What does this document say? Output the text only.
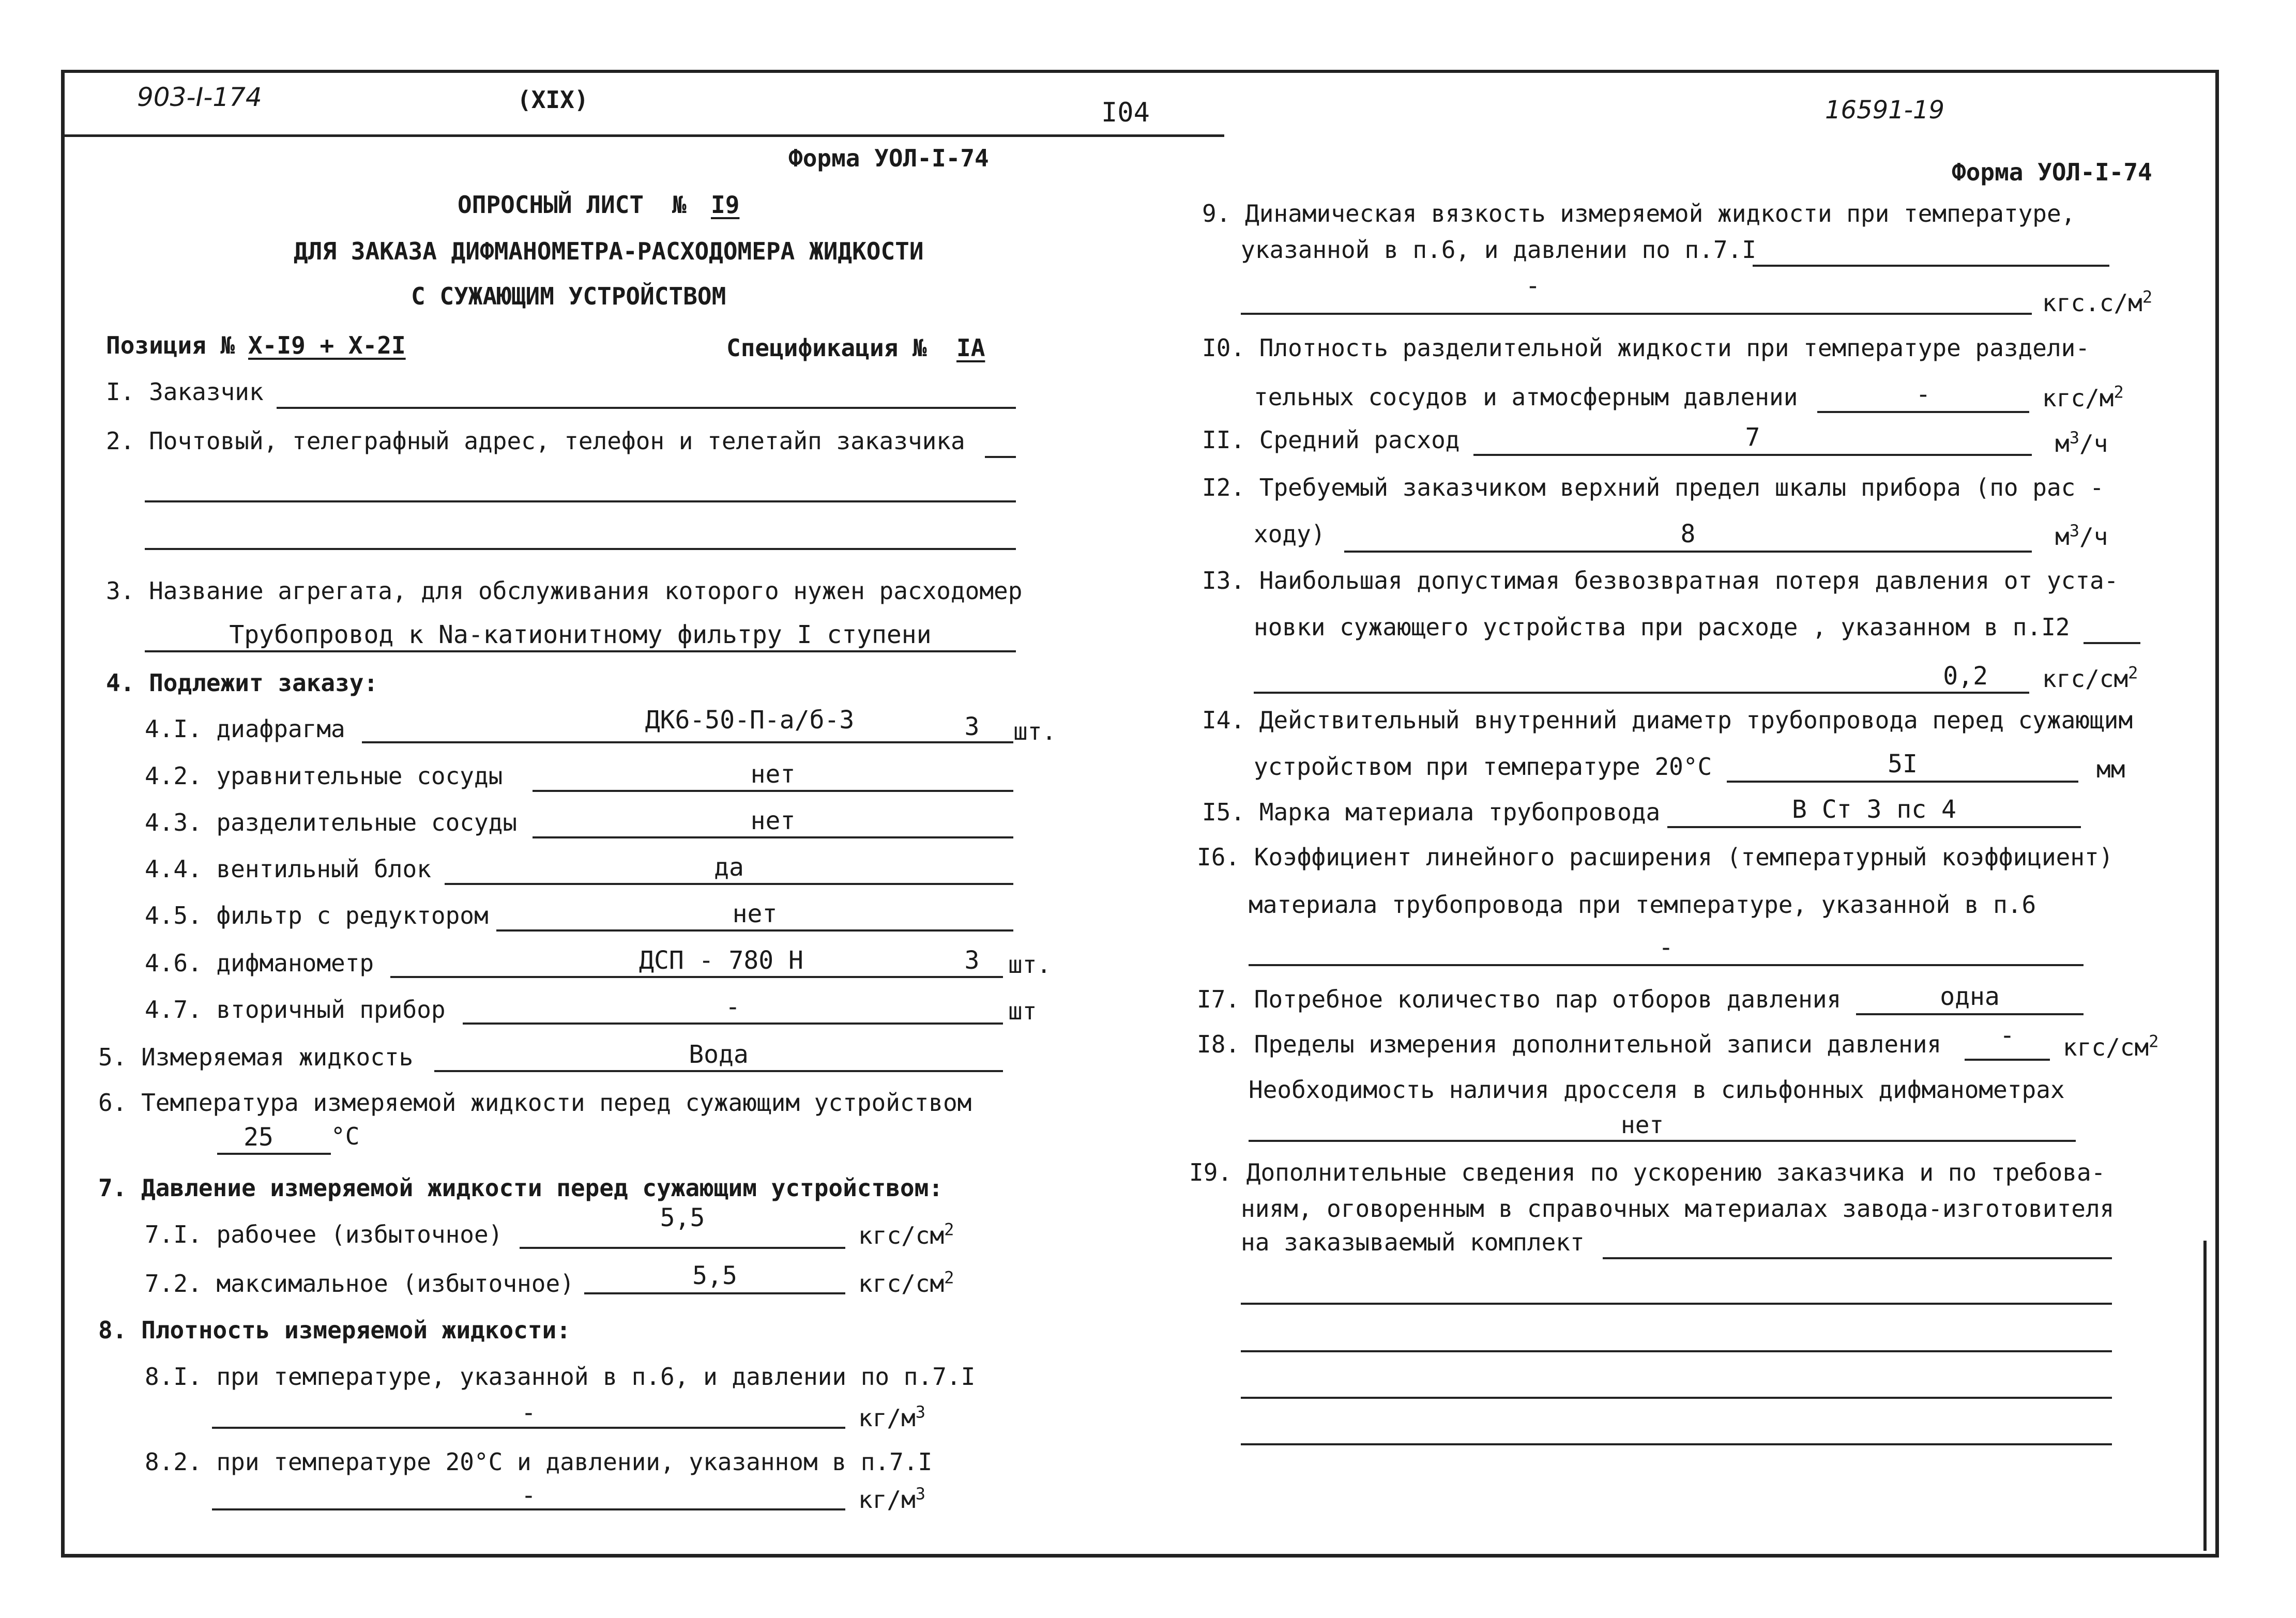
903-I-174	(XIX)	I04	16591-19
Форма УОЛ-I-74
ОПРОСНЫЙ ЛИСТ № I9
ДЛЯ ЗАКАЗА ДИФМАНОМЕТРА-РАСХОДОМЕРА ЖИДКОСТИ
С СУЖАЮЩИМ УСТРОЙСТВОМ
Позиция № X-I9 + X-2I	Спецификация № IA
I. Заказчик
2. Почтовый, телеграфный адрес, телефон и телетайп заказчика
3. Название агрегата, для обслуживания которого нужен расходомер
Трубопровод к Na-катионитному фильтру I ступени
4. Подлежит заказу:
4.I. диафрагма	ДК6-50-П-а/б-3	3	шт.
4.2. уравнительные сосуды	нет
4.3. разделительные сосуды	нет
4.4. вентильный блок	да
4.5. фильтр с редуктором	нет
4.6. дифманометр	ДСП - 780 Н	3	шт.
4.7. вторичный прибор	-	шт
5. Измеряемая жидкость	Вода
6. Температура измеряемой жидкости перед сужающим устройством
25	°C
7. Давление измеряемой жидкости перед сужающим устройством:
7.I. рабочее (избыточное)
5,5
кгс/$см^2$
7.2. максимальное (избыточное)	5,5	кгс/$см^2$
8. Плотность измеряемой жидкости:
8.I. при температуре, указанной в п.6, и давлении по п.7.I
-	$кг/м^3$
8.2. при температуре 20°C и давлении, указанном в п.7.I
-	$кг/м^3$
Форма УОЛ-I-74
9. Динамическая вязкость измеряемой жидкости при температуре,
указанной в п.6, и давлении по п.7.I
-
$кгс.с/м^2$
I0. Плотность разделительной жидкости при температуре раздели-
тельных сосудов и атмосферным давлении	-	кгс/$м^2$
II. Средний расход	7	$м^3/ч$
I2. Требуемый заказчиком верхний предел шкалы прибора (по рас -
ходу)	8	$м^3/ч$
I3. Наибольшая допустимая безвозвратная потеря давления от уста-
новки сужающего устройства при расходе , указанном в п.I2
0,2	кгс/$см^2$
I4. Действительный внутренний диаметр трубопровода перед сужающим
устройством при температуре 20°C	5I	мм
I5. Марка материала трубопровода	В Ст 3 пс 4
I6. Коэффициент линейного расширения (температурный коэффициент)
материала трубопровода при температуре, указанной в п.6
-
I7. Потребное количество пар отборов давления	одна
I8. Пределы измерения дополнительной записи давления	-	кгс/$см^2$
Необходимость наличия дросселя в сильфонных дифманометрах
нет
I9. Дополнительные сведения по ускорению заказчика и по требова-
ниям, оговоренным в справочных материалах завода-изготовителя
на заказываемый комплект
